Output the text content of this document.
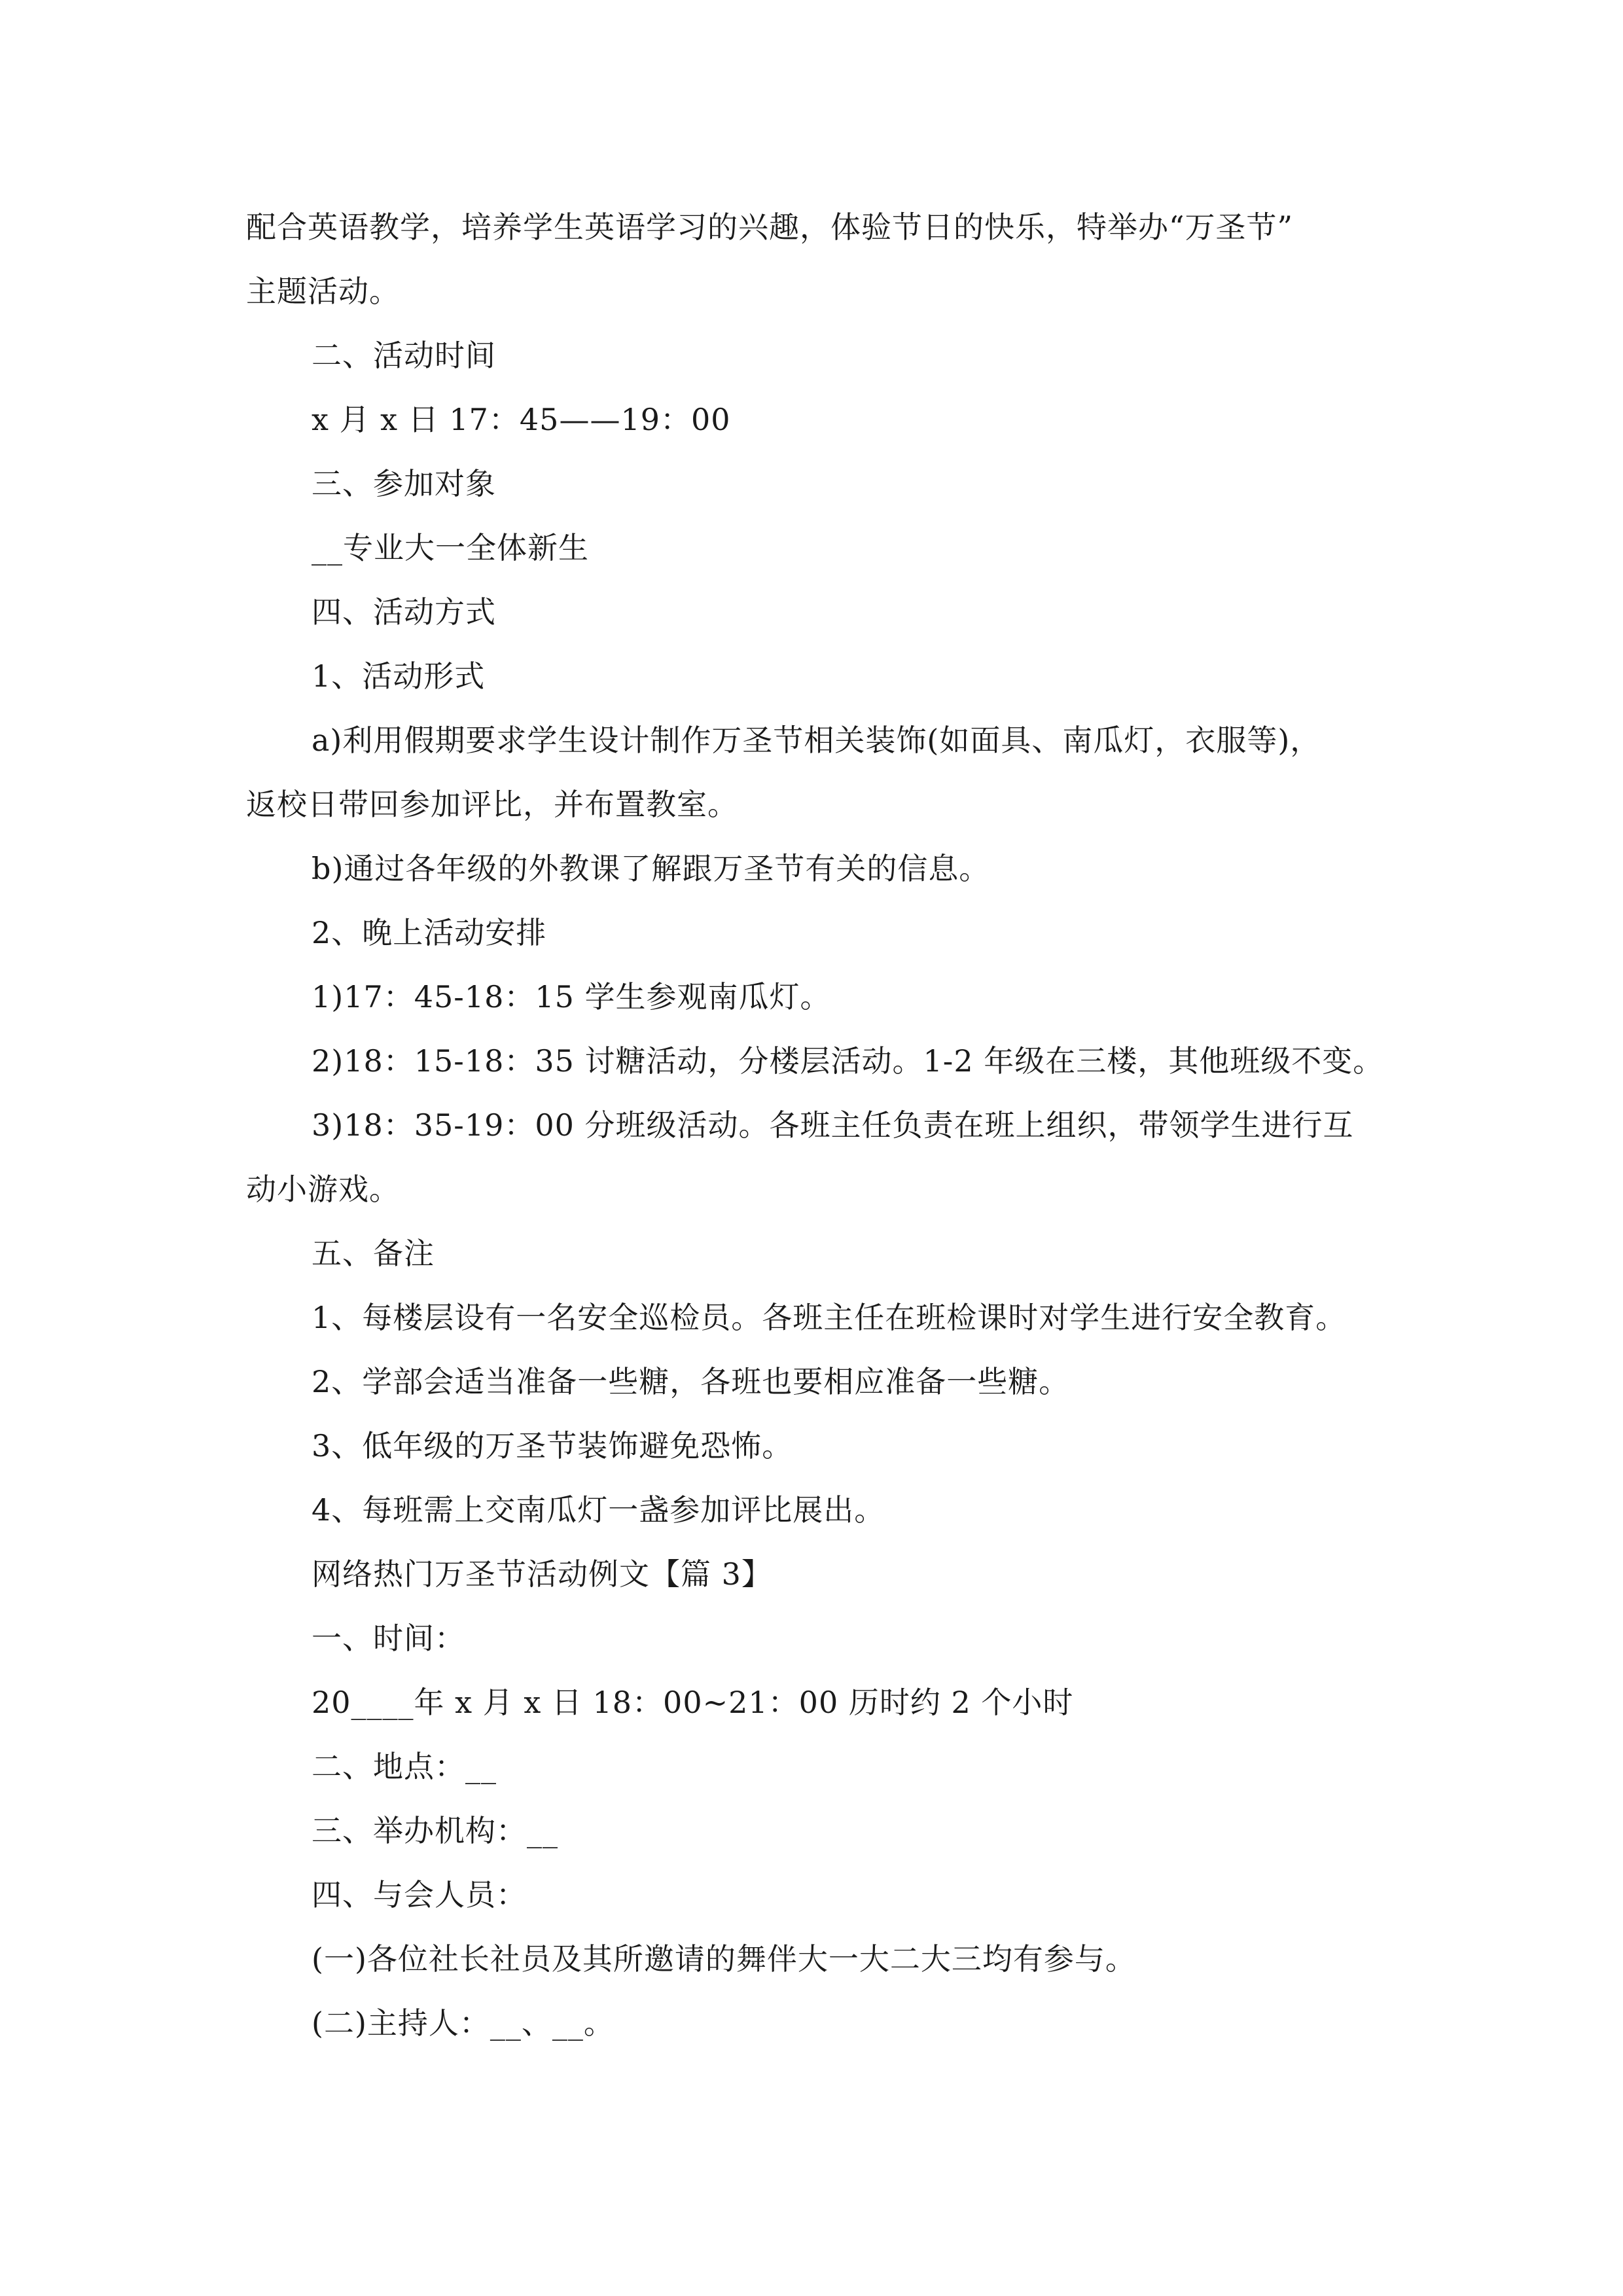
配合英语教学，培养学生英语学习的兴趣，体验节日的快乐，特举办“万圣节”
主题活动。
二、活动时间
x 月 x 日 17：45——19：00
三、参加对象
__专业大一全体新生
四、活动方式
1、活动形式
a)利用假期要求学生设计制作万圣节相关装饰(如面具、南瓜灯，衣服等)，
返校日带回参加评比，并布置教室。
b)通过各年级的外教课了解跟万圣节有关的信息。
2、晚上活动安排
1)17：45-18：15 学生参观南瓜灯。
2)18：15-18：35 讨糖活动，分楼层活动。1-2 年级在三楼，其他班级不变。
3)18：35-19：00 分班级活动。各班主任负责在班上组织，带领学生进行互
动小游戏。
五、备注
1、每楼层设有一名安全巡检员。各班主任在班检课时对学生进行安全教育。
2、学部会适当准备一些糖，各班也要相应准备一些糖。
3、低年级的万圣节装饰避免恐怖。
4、每班需上交南瓜灯一盏参加评比展出。
网络热门万圣节活动例文【篇 3】
一、时间：
20____年 x 月 x 日 18：00~21：00 历时约 2 个小时
二、地点：__
三、举办机构：__
四、与会人员：
(一)各位社长社员及其所邀请的舞伴大一大二大三均有参与。
(二)主持人：__、__。
